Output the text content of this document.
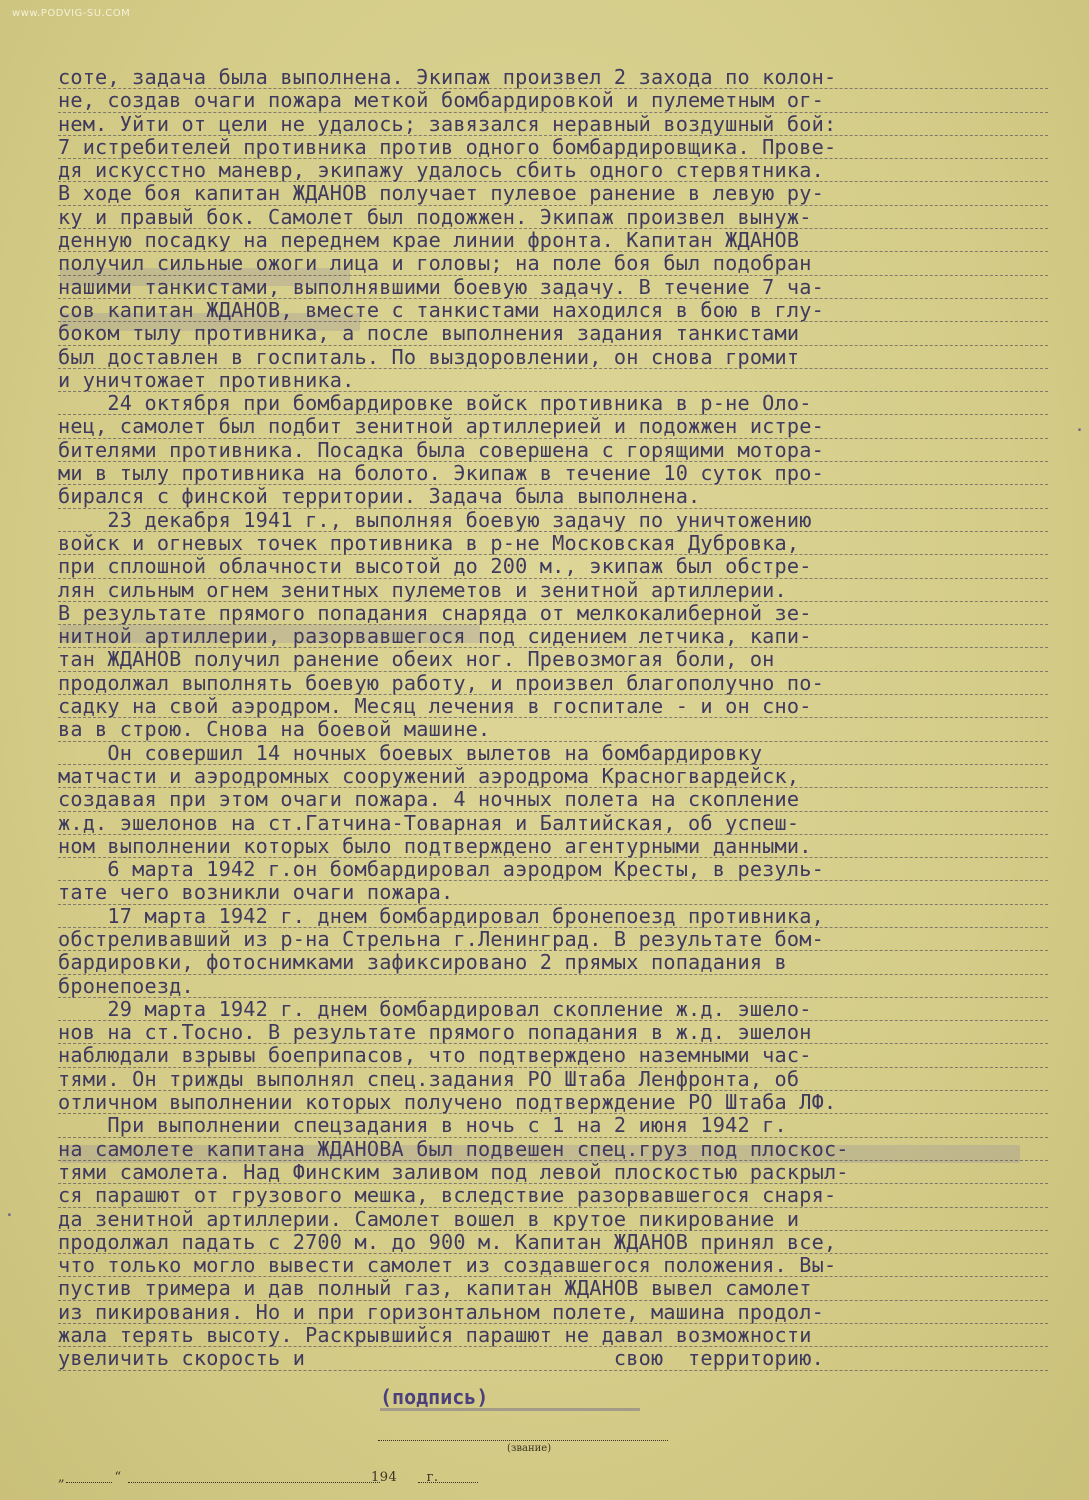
www.PODVIG-SU.COM
соте, задача была выполнена. Экипаж произвел 2 захода по колон-
не, создав очаги пожара меткой бомбардировкой и пулеметным ог-
нем. Уйти от цели не удалось; завязался неравный воздушный бой:
7 истребителей противника против одного бомбардировщика. Прове-
дя искусстно маневр, экипажу удалось сбить одного стервятника.
В ходе боя капитан ЖДАНОВ получает пулевое ранение в левую ру-
ку и правый бок. Самолет был подожжен. Экипаж произвел вынуж-
денную посадку на переднем крае линии фронта. Капитан ЖДАНОВ
получил сильные ожоги лица и головы; на поле боя был подобран
нашими танкистами, выполнявшими боевую задачу. В течение 7 ча-
сов капитан ЖДАНОВ, вместе с танкистами находился в бою в глу-
боком тылу противника, а после выполнения задания танкистами
был доставлен в госпиталь. По выздоровлении, он снова громит
и уничтожает противника.
24 октября при бомбардировке войск противника в р-не Оло-
нец, самолет был подбит зенитной артиллерией и подожжен истре-
бителями противника. Посадка была совершена с горящими мотора-
ми в тылу противника на болото. Экипаж в течение 10 суток про-
бирался с финской территории. Задача была выполнена.
23 декабря 1941 г., выполняя боевую задачу по уничтожению
войск и огневых точек противника в р-не Московская Дубровка,
при сплошной облачности высотой до 200 м., экипаж был обстре-
лян сильным огнем зенитных пулеметов и зенитной артиллерии.
В результате прямого попадания снаряда от мелкокалиберной зе-
нитной артиллерии, разорвавшегося под сидением летчика, капи-
тан ЖДАНОВ получил ранение обеих ног. Превозмогая боли, он
продолжал выполнять боевую работу, и произвел благополучно по-
садку на свой аэродром. Месяц лечения в госпитале - и он сно-
ва в строю. Снова на боевой машине.
Он совершил 14 ночных боевых вылетов на бомбардировку
матчасти и аэродромных сооружений аэродрома Красногвардейск,
создавая при этом очаги пожара. 4 ночных полета на скопление
ж.д. эшелонов на ст.Гатчина-Товарная и Балтийская, об успеш-
ном выполнении которых было подтверждено агентурными данными.
6 марта 1942 г.он бомбардировал аэродром Кресты, в резуль-
тате чего возникли очаги пожара.
17 марта 1942 г. днем бомбардировал бронепоезд противника,
обстреливавший из р-на Стрельна г.Ленинград. В результате бом-
бардировки, фотоснимками зафиксировано 2 прямых попадания в
бронепоезд.
29 марта 1942 г. днем бомбардировал скопление ж.д. эшело-
нов на ст.Тосно. В результате прямого попадания в ж.д. эшелон
наблюдали взрывы боеприпасов, что подтверждено наземными час-
тями. Он трижды выполнял спец.задания РО Штаба Ленфронта, об
отличном выполнении которых получено подтверждение РО Штаба ЛФ.
При выполнении спецзадания в ночь с 1 на 2 июня 1942 г.
на самолете капитана ЖДАНОВА был подвешен спец.груз под плоскос-
тями самолета. Над Финским заливом под левой плоскостью раскрыл-
ся парашют от грузового мешка, вследствие разорвавшегося снаря-
да зенитной артиллерии. Самолет вошел в крутое пикирование и
продолжал падать с 2700 м. до 900 м. Капитан ЖДАНОВ принял все,
что только могло вывести самолет из создавшегося положения. Вы-
пустив тримера и дав полный газ, капитан ЖДАНОВ вывел самолет
из пикирования. Но и при горизонтальном полете, машина продол-
жала терять высоту. Раскрывшийся парашют не давал возможности
увеличить скорость и                         свою  территорию.
(подпись)
(звание)
„	“	194 г.
·
·
